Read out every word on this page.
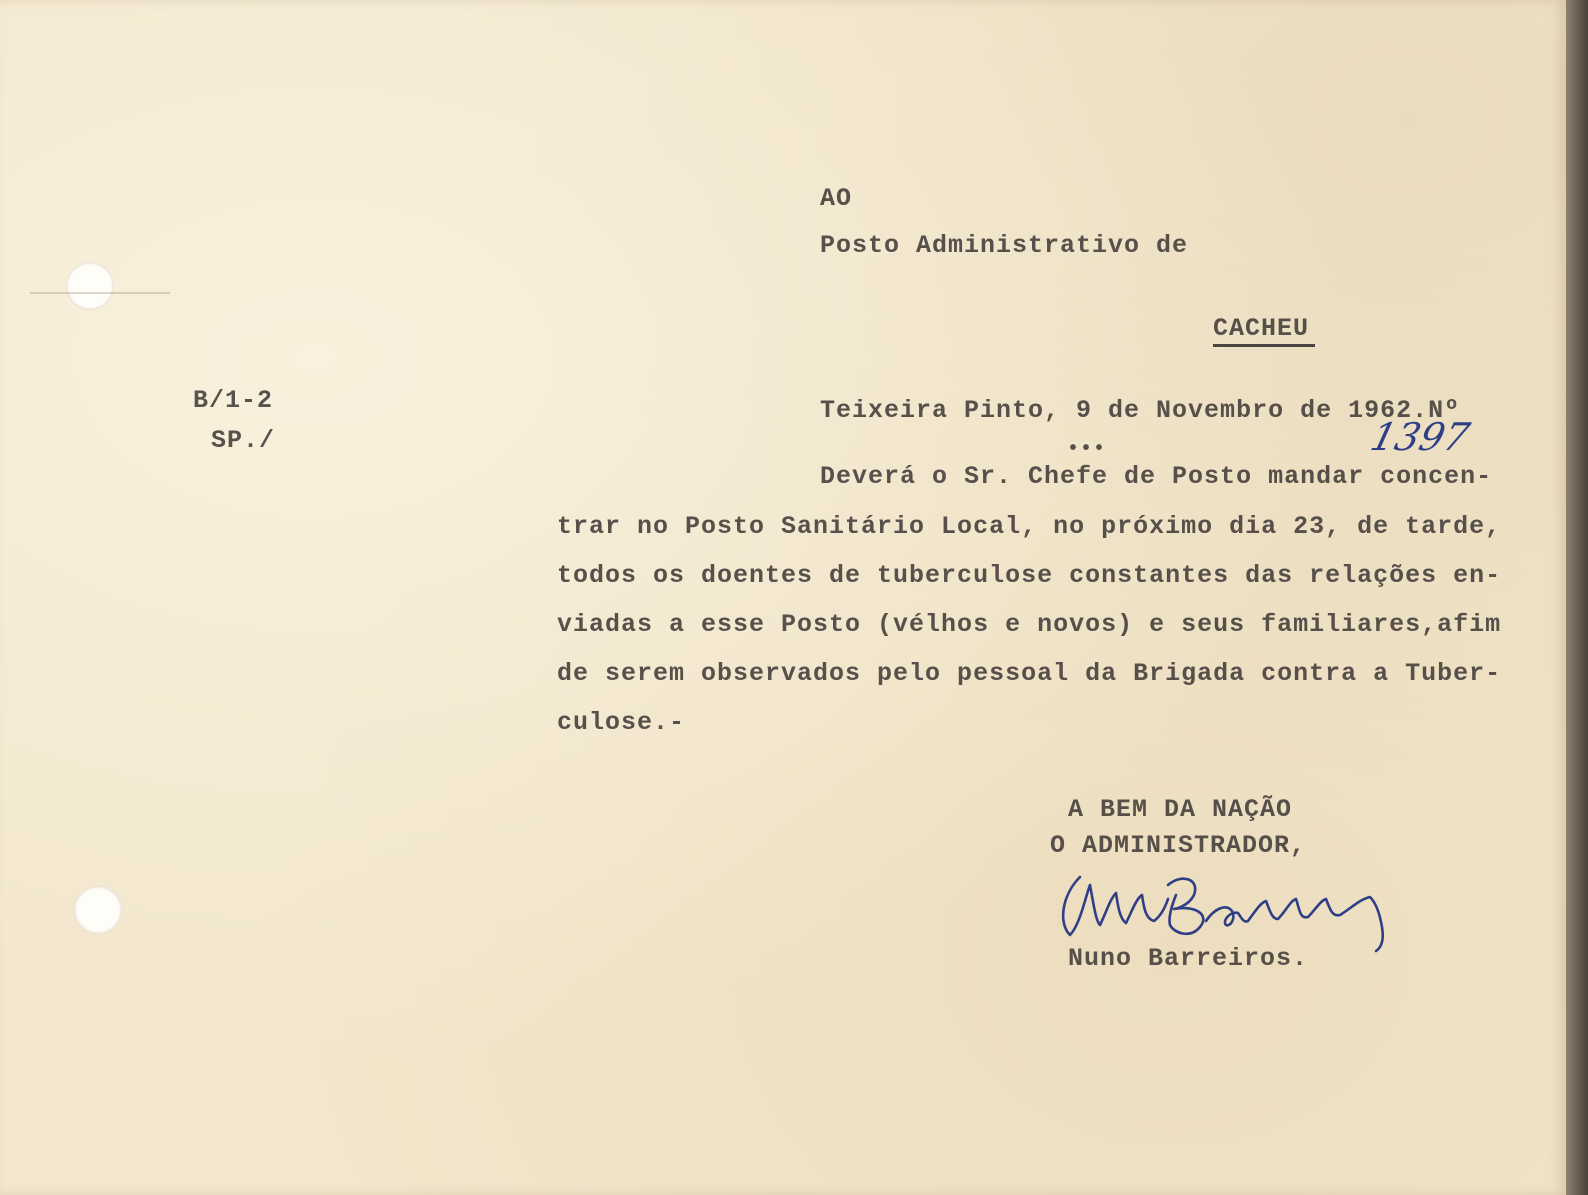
AO
Posto Administrativo de
CACHEU
B/1-2
SP./
Teixeira Pinto, 9 de Novembro de 1962.Nº
1397
•••
Deverá o Sr. Chefe de Posto mandar concen-
trar no Posto Sanitário Local, no próximo dia 23, de tarde,
todos os doentes de tuberculose constantes das relações en-
viadas a esse Posto (vélhos e novos) e seus familiares,afim
de serem observados pelo pessoal da Brigada contra a Tuber-
culose.-
A BEM DA NAÇÃO
O ADMINISTRADOR,
Nuno Barreiros.
